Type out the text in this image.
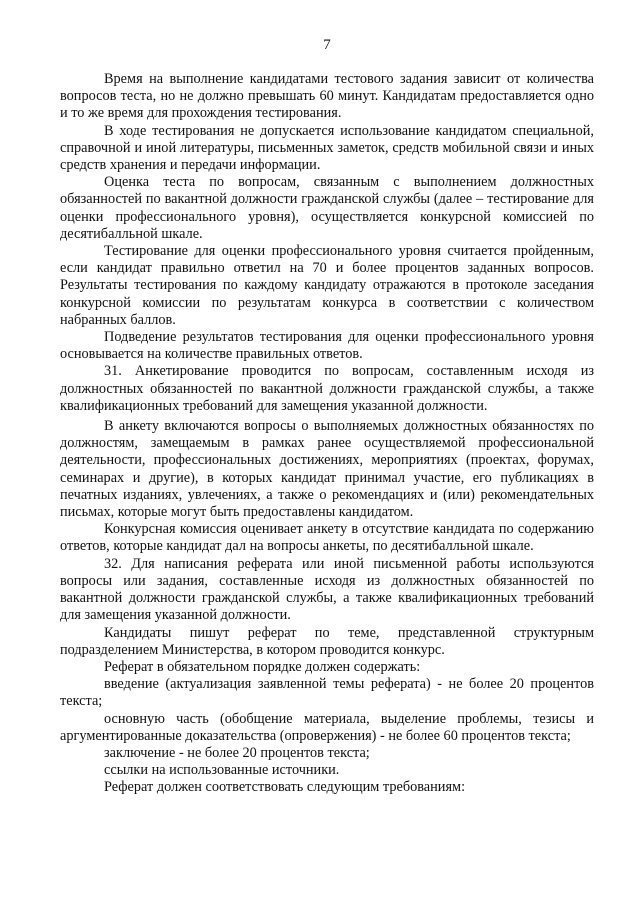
7

Время на выполнение кандидатами тестового задания зависит от количества вопросов теста, но не должно превышать 60 минут. Кандидатам предоставляется одно и то же время для прохождения тестирования.

В ходе тестирования не допускается использование кандидатом специальной, справочной и иной литературы, письменных заметок, средств мобильной связи и иных средств хранения и передачи информации.

Оценка теста по вопросам, связанным с выполнением должностных обязанностей по вакантной должности гражданской службы (далее – тестирование для оценки профессионального уровня), осуществляется конкурсной комиссией по десятибалльной шкале.

Тестирование для оценки профессионального уровня считается пройденным, если кандидат правильно ответил на 70 и более процентов заданных вопросов. Результаты тестирования по каждому кандидату отражаются в протоколе заседания конкурсной комиссии по результатам конкурса в соответствии с количеством набранных баллов.

Подведение результатов тестирования для оценки профессионального уровня основывается на количестве правильных ответов.

31. Анкетирование проводится по вопросам, составленным исходя из должностных обязанностей по вакантной должности гражданской службы, а также квалификационных требований для замещения указанной должности.

В анкету включаются вопросы о выполняемых должностных обязанностях по должностям, замещаемым в рамках ранее осуществляемой профессиональной деятельности, профессиональных достижениях, мероприятиях (проектах, форумах, семинарах и другие), в которых кандидат принимал участие, его публикациях в печатных изданиях, увлечениях, а также о рекомендациях и (или) рекомендательных письмах, которые могут быть предоставлены кандидатом.

Конкурсная комиссия оценивает анкету в отсутствие кандидата по содержанию ответов, которые кандидат дал на вопросы анкеты, по десятибалльной шкале.

32. Для написания реферата или иной письменной работы используются вопросы или задания, составленные исходя из должностных обязанностей по вакантной должности гражданской службы, а также квалификационных требований для замещения указанной должности.

Кандидаты пишут реферат по теме, представленной структурным подразделением Министерства, в котором проводится конкурс.

Реферат в обязательном порядке должен содержать:

введение (актуализация заявленной темы реферата) - не более 20 процентов текста;

основную часть (обобщение материала, выделение проблемы, тезисы и аргументированные доказательства (опровержения) - не более 60 процентов текста;

заключение - не более 20 процентов текста;

ссылки на использованные источники.

Реферат должен соответствовать следующим требованиям:
